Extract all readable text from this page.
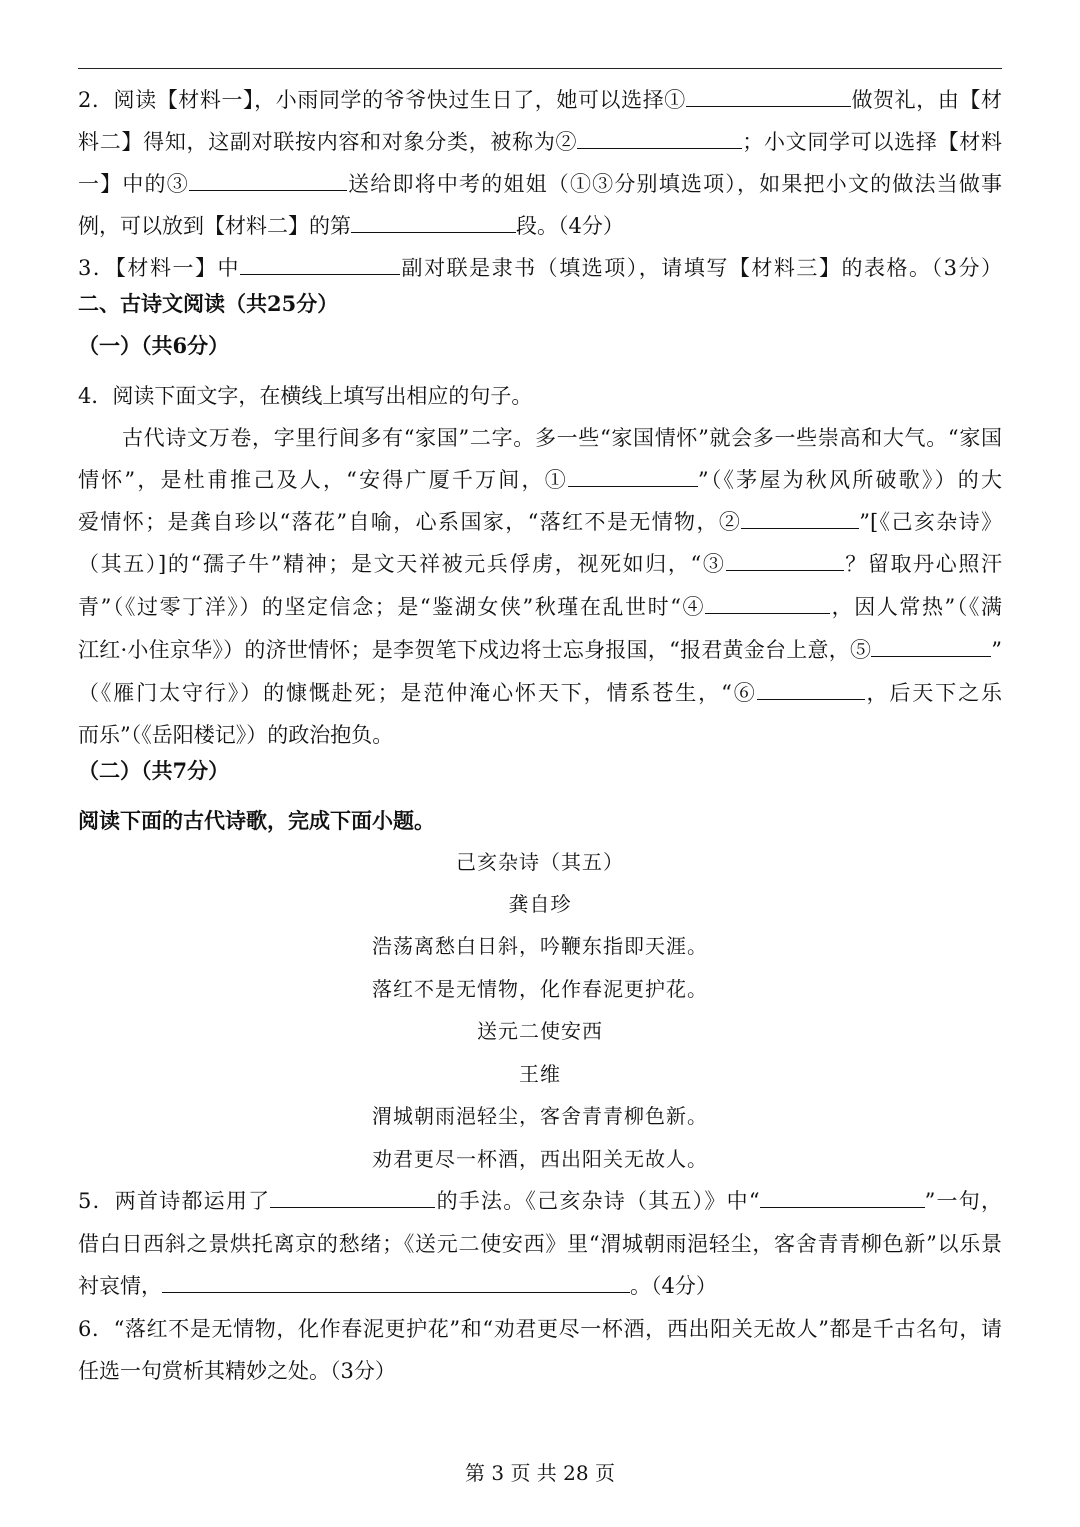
2．阅读【材料一】，小雨同学的爷爷快过生日了，她可以选择①	做贺礼，由【材
料二】得知，这副对联按内容和对象分类，被称为②	；小文同学可以选择【材料
一】中的③	送给即将中考的姐姐（①③分别填选项），如果把小文的做法当做事
例，可以放到【材料二】的第	段。（4分）
3．【材料一】中	副对联是隶书（填选项），请填写【材料三】的表格。（3分）
二、古诗文阅读（共25分）
（一）（共6分）
4．阅读下面文字，在横线上填写出相应的句子。
古代诗文万卷，字里行间多有“家国”二字。多一些“家国情怀”就会多一些崇高和大气。“家国
情怀”，是杜甫推己及人，“安得广厦千万间，①	”（《茅屋为秋风所破歌》）的大
爱情怀；是龚自珍以“落花”自喻，心系国家，“落红不是无情物，②	”[《己亥杂诗》
（其五）]的“孺子牛”精神；是文天祥被元兵俘虏，视死如归，“③	？留取丹心照汗
青”（《过零丁洋》）的坚定信念；是“鉴湖女侠”秋瑾在乱世时“④	，因人常热”（《满
江红·小住京华》）的济世情怀；是李贺笔下戍边将士忘身报国，“报君黄金台上意，⑤	”
（《雁门太守行》）的慷慨赴死；是范仲淹心怀天下，情系苍生，“⑥	，后天下之乐
而乐”（《岳阳楼记》）的政治抱负。
（二）（共7分）
阅读下面的古代诗歌，完成下面小题。
己亥杂诗（其五）
龚自珍
浩荡离愁白日斜，吟鞭东指即天涯。
落红不是无情物，化作春泥更护花。
送元二使安西
王维
渭城朝雨浥轻尘，客舍青青柳色新。
劝君更尽一杯酒，西出阳关无故人。
5．两首诗都运用了	的手法。《己亥杂诗（其五）》中“	”一句，
借白日西斜之景烘托离京的愁绪；《送元二使安西》里“渭城朝雨浥轻尘，客舍青青柳色新”以乐景
衬哀情，	。（4分）
6．“落红不是无情物，化作春泥更护花”和“劝君更尽一杯酒，西出阳关无故人”都是千古名句，请
任选一句赏析其精妙之处。（3分）
第 3 页 共 28 页
